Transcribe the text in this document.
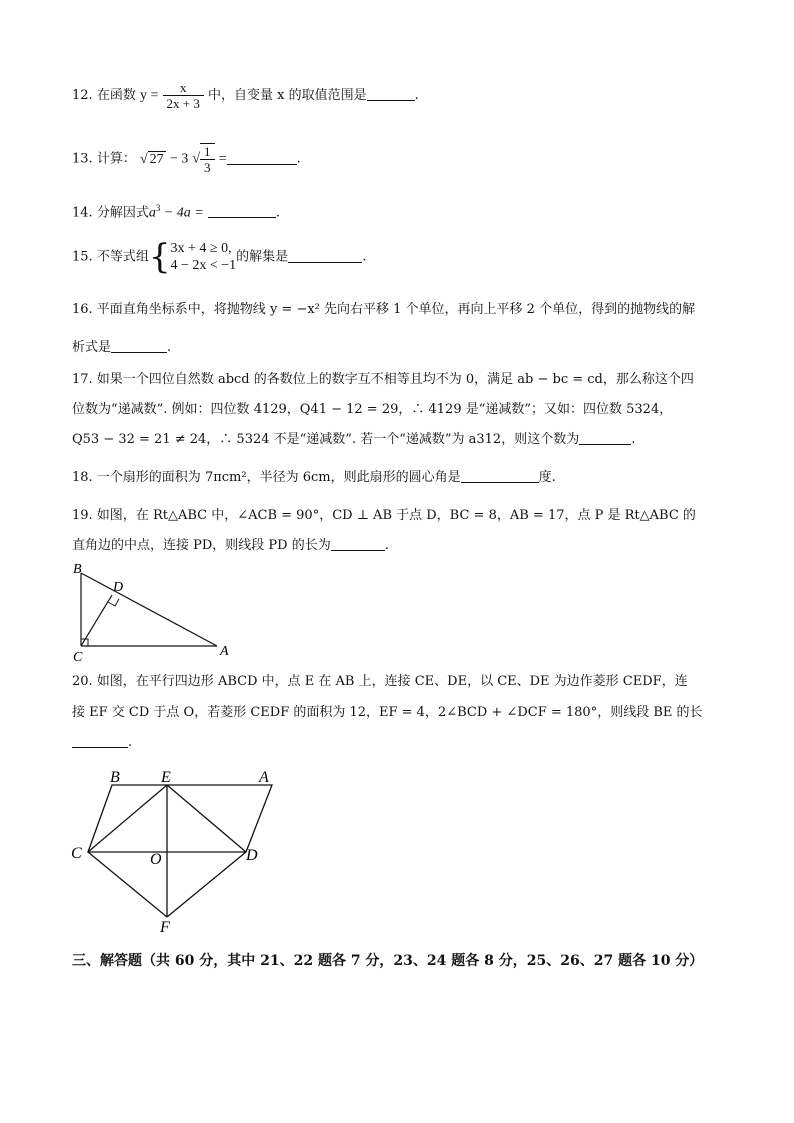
12. 在函数 $y = \frac{x}{2x + 3}$ 中，自变量 x 的取值范围是	.
13. 计算： √ 27 − 3 √ $\frac{1}{3}$ =	.
14. 分解因式$a^3 - 4a$ =	.
15. 不等式组{ 3x + 4 ≥ 0,
4 − 2x < −1
的解集是	.
16. 平面直角坐标系中，将抛物线 y = −x² 先向右平移 1 个单位，再向上平移 2 个单位，得到的抛物线的解
析式是	.
17. 如果一个四位自然数 abcd 的各数位上的数字互不相等且均不为 0，满足 ab − bc = cd，那么称这个四
位数为“递减数”. 例如：四位数 4129，Q41 − 12 = 29，∴ 4129 是“递减数”；又如：四位数 5324，
Q53 − 32 = 21 ≠ 24，∴ 5324 不是“递减数”. 若一个“递减数”为 a312，则这个数为	.
18. 一个扇形的面积为 7πcm²，半径为 6cm，则此扇形的圆心角是	度.
19. 如图，在 Rt△ABC 中，∠ACB = 90°，CD ⊥ AB 于点 D，BC = 8，AB = 17，点 P 是 Rt△ABC 的
直角边的中点，连接 PD，则线段 PD 的长为	.
B
D
C	A
20. 如图，在平行四边形 ABCD 中，点 E 在 AB 上，连接 CE、DE，以 CE、DE 为边作菱形 CEDF，连
接 EF 交 CD 于点 O，若菱形 CEDF 的面积为 12，EF = 4，2∠BCD + ∠DCF = 180°，则线段 BE 的长
.
B	E	A
C	O	D
F
三、解答题（共 60 分，其中 21、22 题各 7 分，23、24 题各 8 分，25、26、27 题各 10 分）
